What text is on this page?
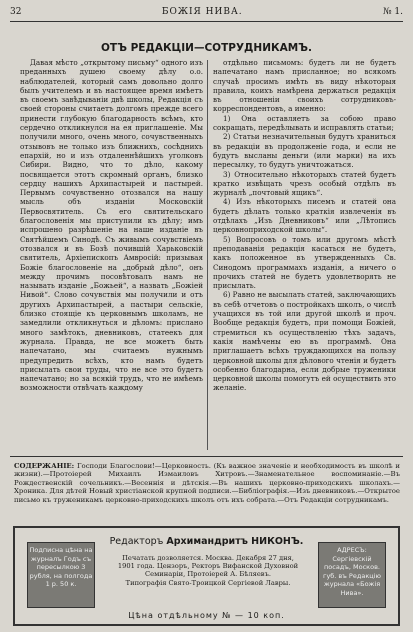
32	БОЖІЯ НИВА.	№ 1.
ОТЪ РЕДАКЦІИ—СОТРУДНИКАМЪ.

Давая мѣсто „открытому письму“ одного изъ преданныхъ душею своему дѣлу о.о. наблюдателей, который самъ довольно долго былъ учителемъ и въ настоящее время имѣетъ въ своемъ завѣдываніи двѣ школы, Редакція съ своей стороны считаетъ долгомъ прежде всего принести глубокую благодарность всѣмъ, кто сердечно откликнулся на ея приглашеніе. Мы получили много, очень много, сочувственныхъ отзывовъ не только изъ ближнихъ, сосѣднихъ епархій, но и изъ отдаленнѣйшихъ уголковъ Сибири. Видно, что то дѣло, какому посвящается этотъ скромный органъ, близко сердцу нашихъ Архипастырей и пастырей. Первымъ сочувственно отозвался на нашу мысль объ изданіи Московскій Первосвятитель. Съ его святительскаго благословенія мы приступили къ дѣлу; имъ испрошено разрѣшеніе на наше изданіе въ Святѣйшемъ Синодѣ. Съ живымъ сочувствіемъ отозвался и въ Бозѣ почившій Харьковскій святитель, Архіепископъ Амвросій: призывая Божіе благословеніе на „добрый дѣло“, онъ между прочимъ посовѣтовалъ намъ не называть изданіе „Божьей“, а назвать „Божіей Нивой“. Слово сочувствія мы получили и отъ другихъ Архипастырей, а пастыри сельскіе, близко стоящіе къ церковнымъ школамъ, не замедлили откликнуться и дѣломъ: прислано много замѣтокъ, дневниковъ, статеекъ для журнала. Правда, не все можетъ быть напечатано, мы считаемъ нужнымъ предупредить всѣхъ, кто намъ будетъ присылать свои труды, что не все это будетъ напечатано; но за всякій трудъ, что не имѣемъ возможности отвѣчать каждому

отдѣльно письмомъ: будетъ ли не будетъ напечатано намъ присланное; но всякомъ случаѣ просимъ имѣть въ виду нѣкоторыя правила, коихъ намѣрена держаться редакція въ отношеніи своихъ сотрудниковъ-корреспондентовъ, а именно:

1) Она оставляетъ за собою право сокращать, передѣлывать и исправлять статьи;

2) Статьи незначительныя будутъ храниться въ редакціи въ продолженіе года, и если не будутъ высланы деньги (или марки) на ихъ пересылку, то будутъ уничтожаться.

3) Относительно нѣкоторыхъ статей будетъ кратко извѣщать чрезъ особый отдѣлъ въ журналѣ „почтовый ящикъ“.

4) Изъ нѣкоторыхъ писемъ и статей она будетъ дѣлать только краткія извлеченія въ отдѣлахъ „Изъ Дневниковъ“ или „Лѣтопись церковноприходской школы“.

5) Вопросовъ о томъ или другомъ мѣстѣ преподаванія редакція касаться не будетъ, какъ положенное въ утвержденныхъ Св. Синодомъ программахъ изданія, а ничего о прочихъ статей не будетъ удовлетворять не присылать.

6) Равно не высылать статей, заключающихъ въ себѣ отчетовъ о постройкахъ школъ, о числѣ учащихся въ той или другой школѣ и проч. Вообще редакція будетъ, при помощи Божіей, стремиться къ осуществленію тѣхъ задачъ, какія намѣчены ею въ программѣ. Она приглашаетъ всѣхъ труждающихся на пользу церковной школы для дѣлового чтенія и будетъ особенно благодарна, если добрые труженики церковной школы помогутъ ей осуществить это желаніе.

СОДЕРЖАНІЕ: Господи Благослови!—Церковность. (Къ важное значеніе и необходимость въ школѣ и жизни).—Протоіерей Михаилъ Измаиловъ Хитровъ.—Знаменательное воспоминаніе.—Въ Рождественскій сочельникъ.—Весеннія и дѣтскія.—Въ нашихъ церковно-приходскихъ школахъ.—Хроника. Для дѣтей Новый христіанской крупной подписи.—Библіографія.—Изъ дневниковъ.—Открытое письмо къ труженикамъ церковно-приходскихъ школъ отъ ихъ собрата.—Отъ Редакціи сотрудникамъ.
Подписна цѣна на журналъ Годъ съ пересылкою 3 рубля, на полгода 1 р. 50 к.
АДРЕСЪ: Сергіевскій посадъ, Москов. губ. въ Редакцію журнала «Божія Нива».
Редакторъ Архимандритъ НИКОНЪ.
Печатать дозволяется. Москва. Декабря 27 дня,
1901 года. Цензоръ, Ректоръ Вифанской Духовной
Семинаріи, Протоіерей А. Бѣляевъ.
Типографія Свято-Троицкой Сергіевой Лавры.
Цѣна отдѣльному № — 10 коп.
